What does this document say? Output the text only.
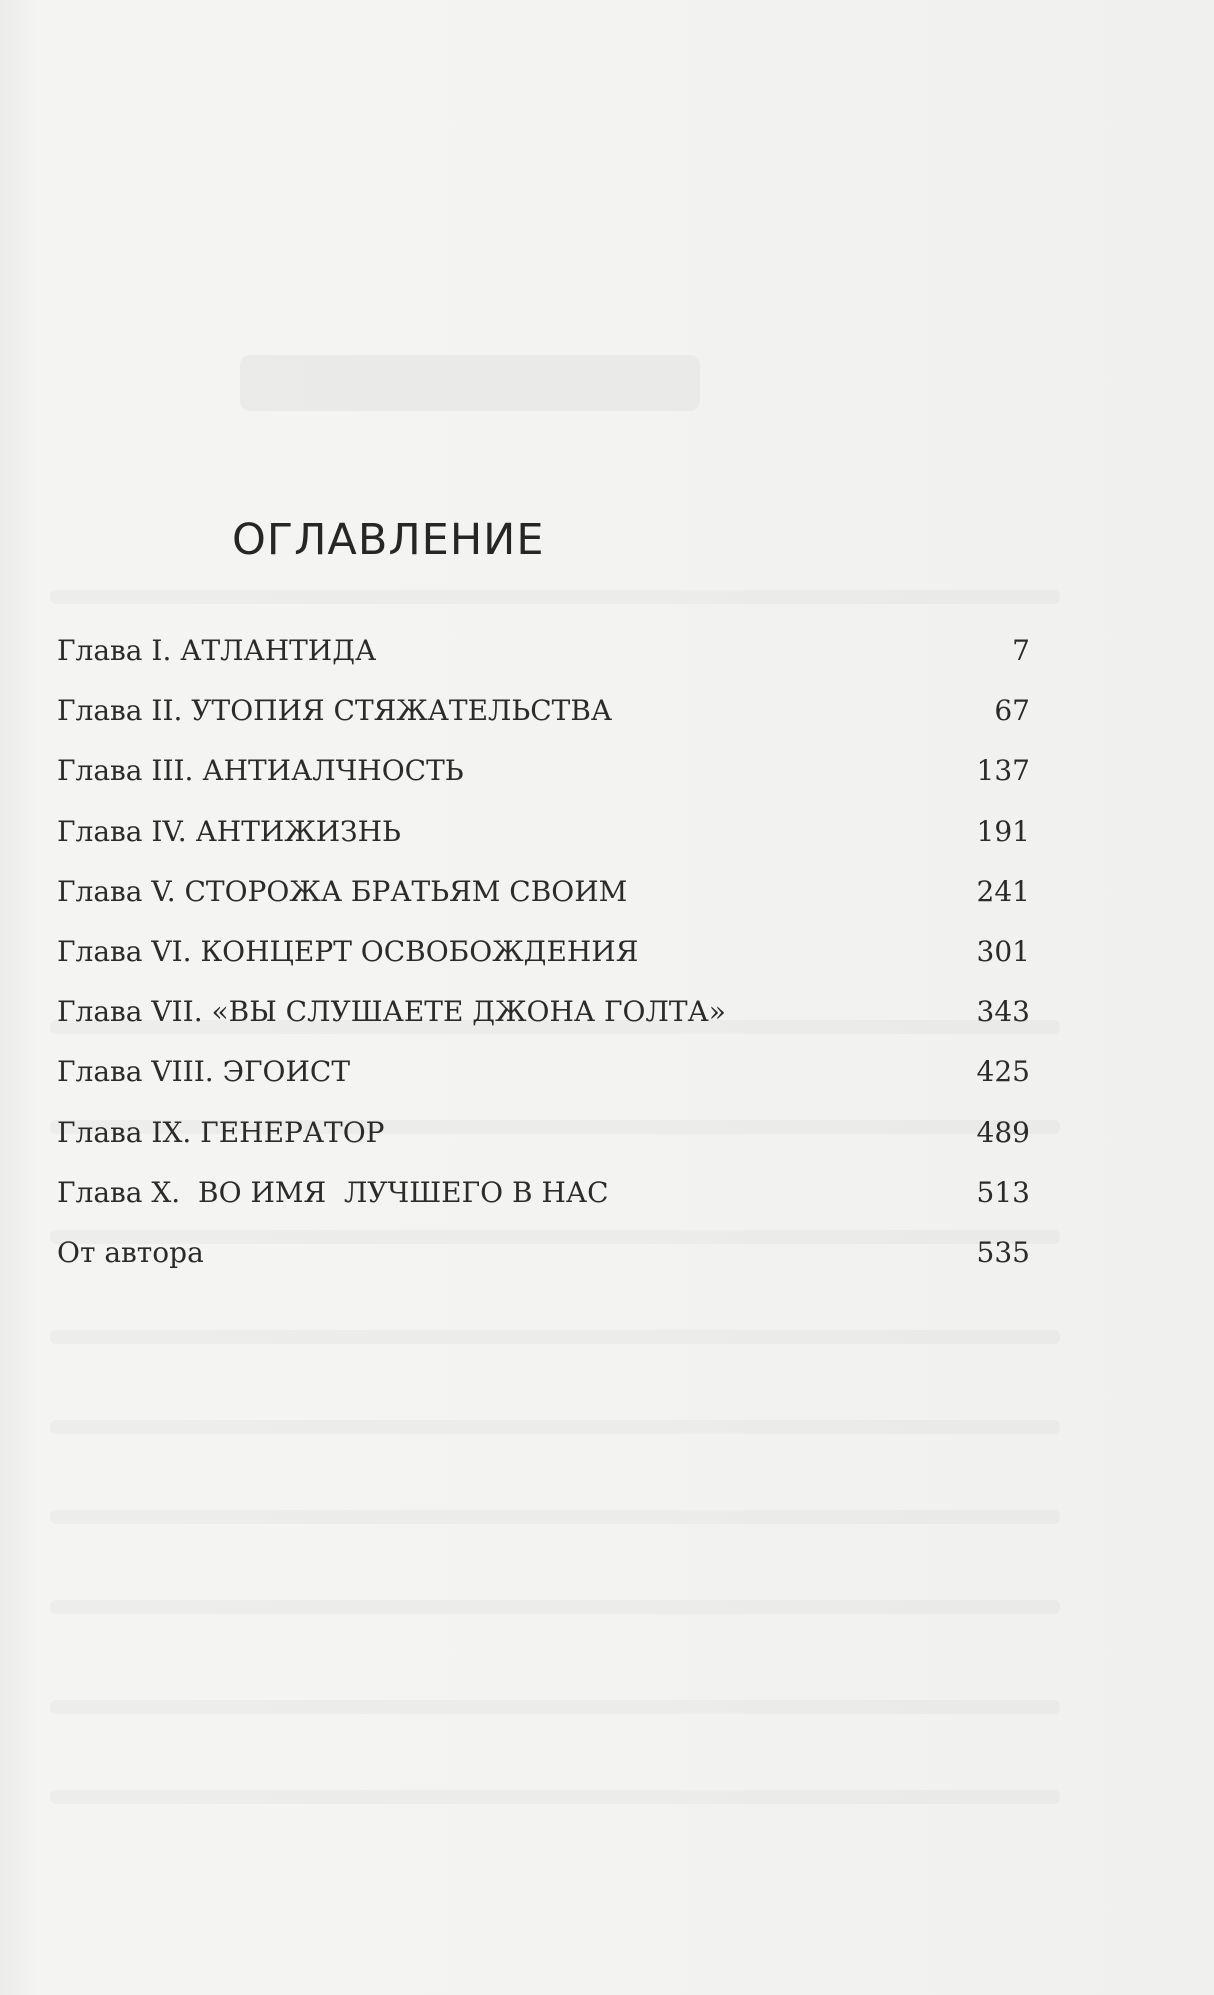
ОГЛАВЛЕНИЕ
Глава I. АТЛАНТИДА	7
Глава II. УТОПИЯ СТЯЖАТЕЛЬСТВА	67
Глава III. АНТИАЛЧНОСТЬ	137
Глава IV. АНТИЖИЗНЬ	191
Глава V. СТОРОЖА БРАТЬЯМ СВОИМ	241
Глава VI. КОНЦЕРТ ОСВОБОЖДЕНИЯ	301
Глава VII. «ВЫ СЛУШАЕТЕ ДЖОНА ГОЛТА»	343
Глава VIII. ЭГОИСТ	425
Глава IX. ГЕНЕРАТОР	489
Глава X.  ВО ИМЯ  ЛУЧШЕГО В НАС	513
От автора	535
